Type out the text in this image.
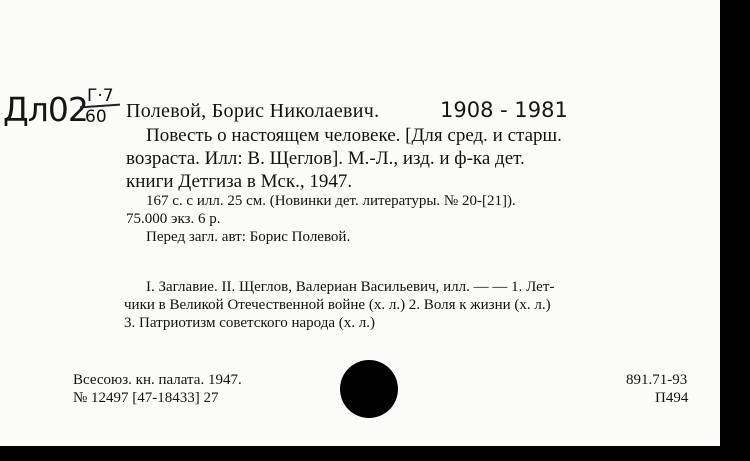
Дл02 Г·7
60 Полевой, Борис Николаевич.	1908 - 1981
Повесть о настоящем человеке. [Для сред. и старш.
возраста. Илл: В. Щеглов]. М.-Л., изд. и ф-ка дет.
книги Детгиза в Мск., 1947.
167 с. с илл. 25 см. (Новинки дет. литературы. № 20-[21]).
75.000 экз. 6 р.
Перед загл. авт: Борис Полевой.
I. Заглавие. II. Щеглов, Валериан Васильевич, илл. — — 1. Лет-
чики в Великой Отечественной войне (х. л.) 2. Воля к жизни (х. л.)
3. Патриотизм советского народа (х. л.)
Всесоюз. кн. палата. 1947.
№ 12497 [47-18433] 27
891.71-93
П494
